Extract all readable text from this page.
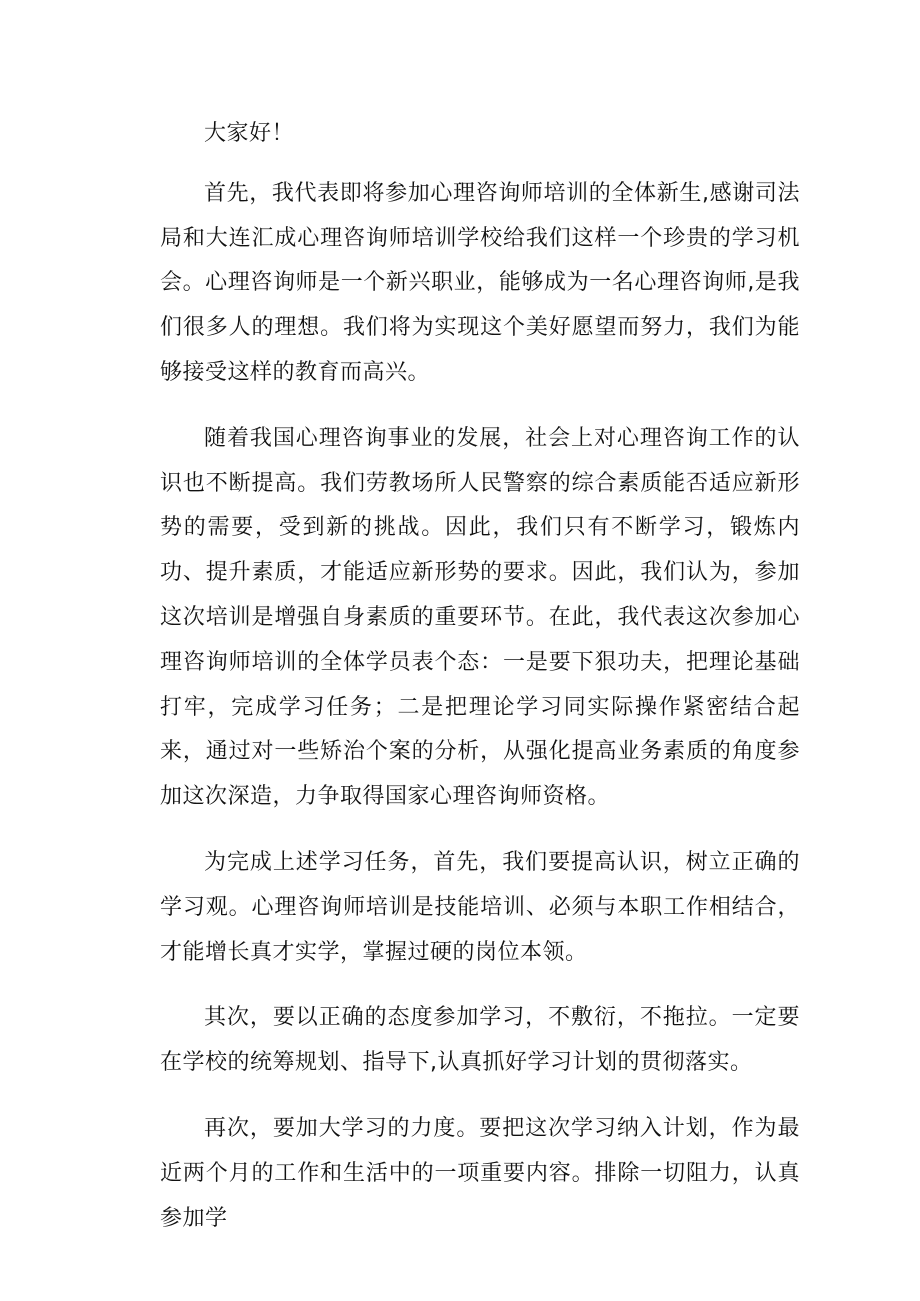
大家好！

首先，我代表即将参加心理咨询师培训的全体新生,感谢司法局和大连汇成心理咨询师培训学校给我们这样一个珍贵的学习机会。心理咨询师是一个新兴职业，能够成为一名心理咨询师,是我们很多人的理想。我们将为实现这个美好愿望而努力，我们为能够接受这样的教育而高兴。

随着我国心理咨询事业的发展，社会上对心理咨询工作的认识也不断提高。我们劳教场所人民警察的综合素质能否适应新形势的需要，受到新的挑战。因此，我们只有不断学习，锻炼内功、提升素质，才能适应新形势的要求。因此，我们认为，参加这次培训是增强自身素质的重要环节。在此，我代表这次参加心理咨询师培训的全体学员表个态：一是要下狠功夫，把理论基础打牢，完成学习任务；二是把理论学习同实际操作紧密结合起来，通过对一些矫治个案的分析，从强化提高业务素质的角度参加这次深造，力争取得国家心理咨询师资格。

为完成上述学习任务，首先，我们要提高认识，树立正确的学习观。心理咨询师培训是技能培训、必须与本职工作相结合，才能增长真才实学，掌握过硬的岗位本领。

其次，要以正确的态度参加学习，不敷衍，不拖拉。一定要在学校的统筹规划、指导下,认真抓好学习计划的贯彻落实。

再次，要加大学习的力度。要把这次学习纳入计划，作为最近两个月的工作和生活中的一项重要内容。排除一切阻力，认真参加学
